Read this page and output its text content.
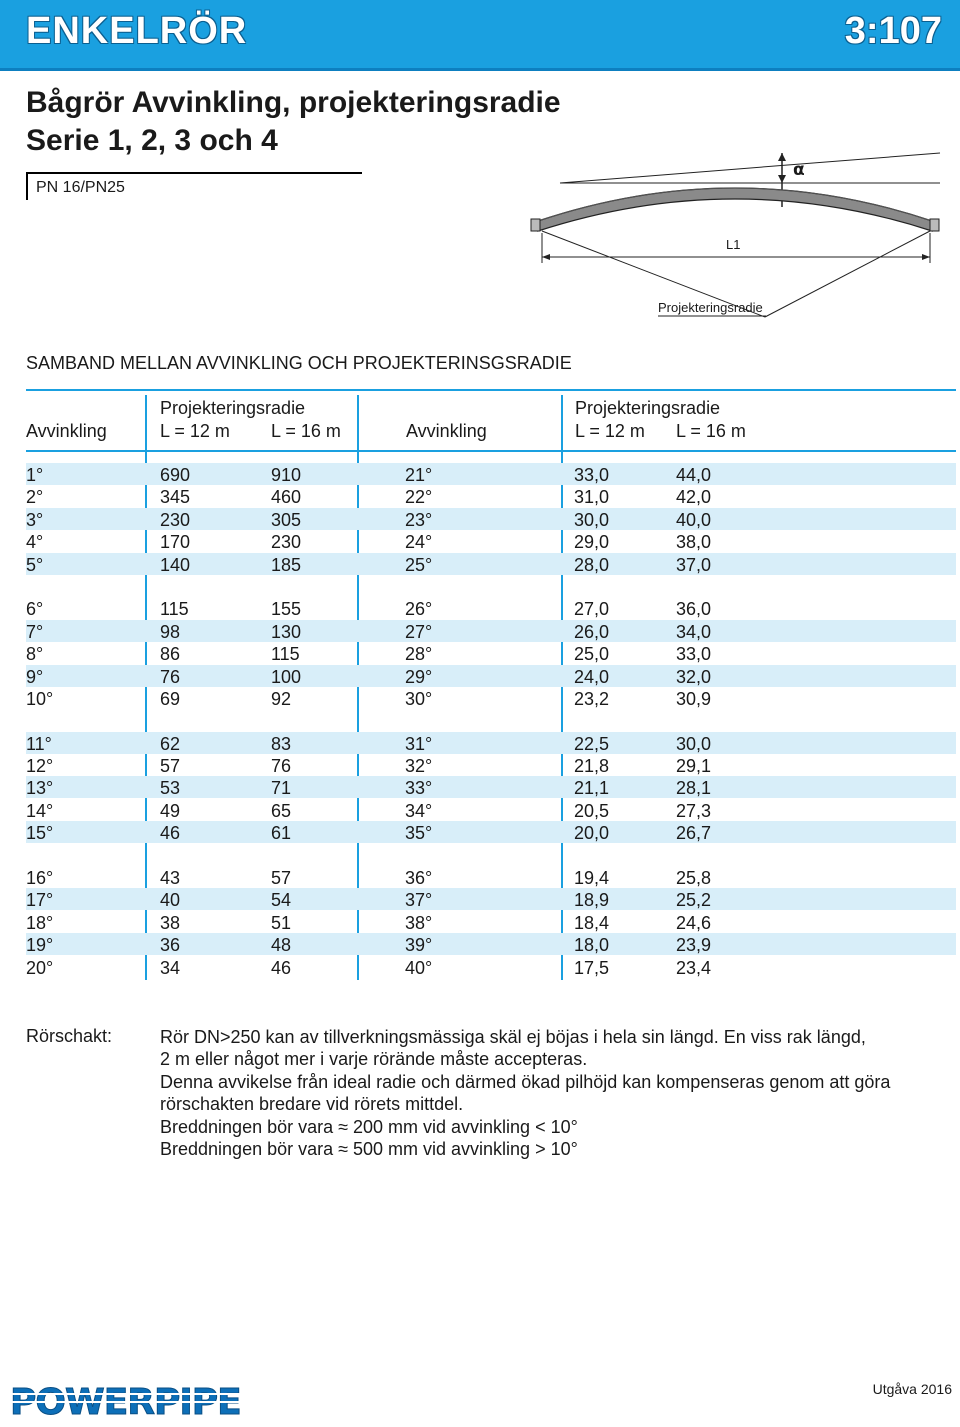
ENKELRÖR	3:107
Bågrör Avvinkling, projekteringsradie
Serie 1, 2, 3 och 4
PN 16/PN25
α
L1
Projekteringsradie
SAMBAND MELLAN AVVINKLING OCH PROJEKTERINSGSRADIE
Projekteringsradie
Avvinkling	L = 12 m L = 16 m
Projekteringsradie
Avvinkling	L = 12 m L = 16 m
1°	690	910	21°	33,0	44,0
2°	345	460	22°	31,0	42,0
3°	230	305	23°	30,0	40,0
4°	170	230	24°	29,0	38,0
5°	140	185	25°	28,0	37,0
6°	115	155	26°	27,0	36,0
7°	98	130	27°	26,0	34,0
8°	86	115	28°	25,0	33,0
9°	76	100	29°	24,0	32,0
10°	69	92	30°	23,2	30,9
11°	62	83	31°	22,5	30,0
12°	57	76	32°	21,8	29,1
13°	53	71	33°	21,1	28,1
14°	49	65	34°	20,5	27,3
15°	46	61	35°	20,0	26,7
16°	43	57	36°	19,4	25,8
17°	40	54	37°	18,9	25,2
18°	38	51	38°	18,4	24,6
19°	36	48	39°	18,0	23,9
20°	34	46	40°	17,5	23,4
Rörschakt:	Rör DN>250 kan av tillverkningsmässiga skäl ej böjas i hela sin längd. En viss rak längd,
2 m eller något mer i varje rörände måste accepteras.
Denna avvikelse från ideal radie och därmed ökad pilhöjd kan kompenseras genom att göra
rörschakten bredare vid rörets mittdel.
Breddningen bör vara ≈ 200 mm vid avvinkling < 10°
Breddningen bör vara ≈ 500 mm vid avvinkling > 10°
POWERPIPE	Utgåva 2016
